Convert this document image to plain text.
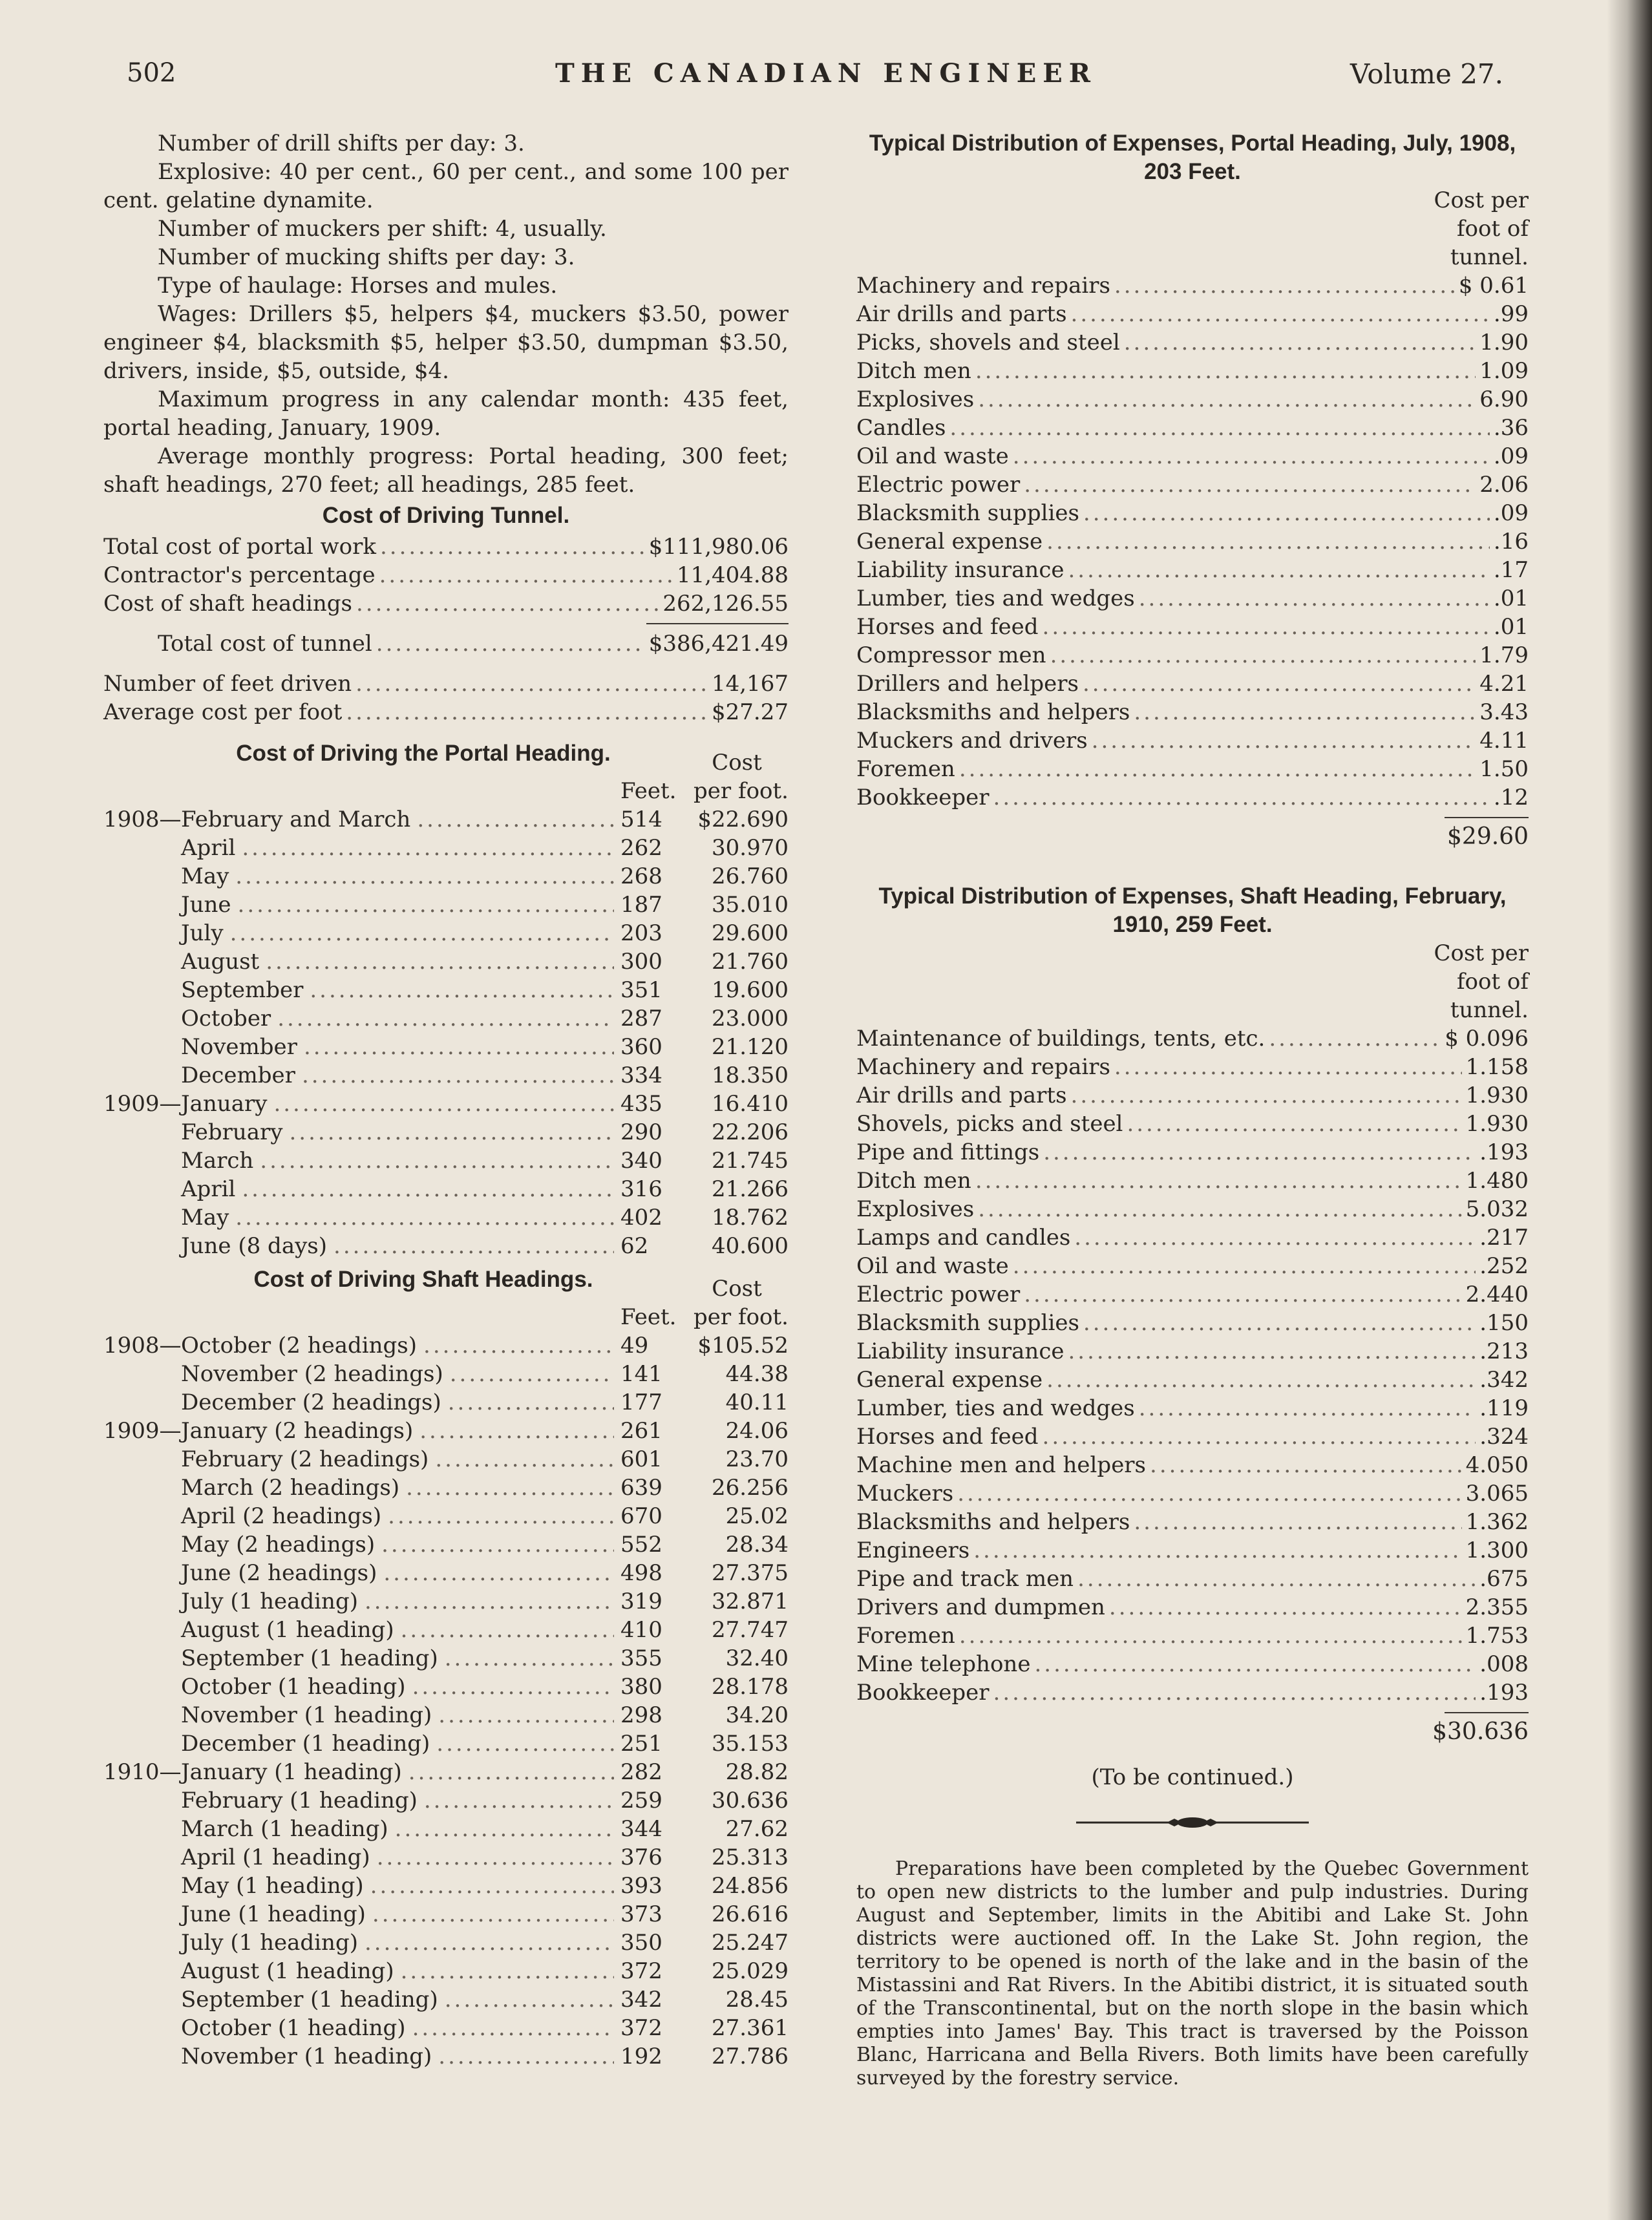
502	THE CANADIAN ENGINEER	Volume 27.

Number of drill shifts per day: 3.

Explosive: 40 per cent., 60 per cent., and some 100 per cent. gelatine dynamite.

Number of muckers per shift: 4, usually.

Number of mucking shifts per day: 3.

Type of haulage: Horses and mules.

Wages: Drillers $5, helpers $4, muckers $3.50, power engineer $4, blacksmith $5, helper $3.50, dumpman $3.50, drivers, inside, $5, outside, $4.

Maximum progress in any calendar month: 435 feet, portal heading, January, 1909.

Average monthly progress: Portal heading, 300 feet; shaft headings, 270 feet; all headings, 285 feet.

Cost of Driving Tunnel.
Total cost of portal work .....	$111,980.06
Contractor's percentage .....	11,404.88
Cost of shaft headings .....	262,126.55
Total cost of tunnel .....	$386,421.49
Number of feet driven .....	14,167
Average cost per foot .....	$27.27
Cost of Driving the Portal Heading.	Cost
Feet. per foot.
1908— February and March .....	514	$22.690
April .....	262	30.970
May .....	268	26.760
June .....	187	35.010
July .....	203	29.600
August .....	300	21.760
September .....	351	19.600
October .....	287	23.000
November .....	360	21.120
December .....	334	18.350
1909— January .....	435	16.410
February .....	290	22.206
March .....	340	21.745
April .....	316	21.266
May .....	402	18.762
June (8 days) .....	62	40.600
Cost of Driving Shaft Headings.	Cost
Feet. per foot.
1908— October (2 headings) .....	49	$105.52
November (2 headings) .....	141	44.38
December (2 headings) .....	177	40.11
1909— January (2 headings) .....	261	24.06
February (2 headings) .....	601	23.70
March (2 headings) .....	639	26.256
April (2 headings) .....	670	25.02
May (2 headings) .....	552	28.34
June (2 headings) .....	498	27.375
July (1 heading) .....	319	32.871
August (1 heading) .....	410	27.747
September (1 heading) .....	355	32.40
October (1 heading) .....	380	28.178
November (1 heading) .....	298	34.20
December (1 heading) .....	251	35.153
1910— January (1 heading) .....	282	28.82
February (1 heading) .....	259	30.636
March (1 heading) .....	344	27.62
April (1 heading) .....	376	25.313
May (1 heading) .....	393	24.856
June (1 heading) .....	373	26.616
July (1 heading) .....	350	25.247
August (1 heading) .....	372	25.029
September (1 heading) .....	342	28.45
October (1 heading) .....	372	27.361
November (1 heading) .....	192	27.786
Typical Distribution of Expenses, Portal Heading, July, 1908, 203 Feet.
Cost per
foot of
tunnel.
Machinery and repairs .....	$ 0.61
Air drills and parts .....	.99
Picks, shovels and steel .....	1.90
Ditch men .....	1.09
Explosives .....	6.90
Candles .....	.36
Oil and waste .....	.09
Electric power .....	2.06
Blacksmith supplies .....	.09
General expense .....	.16
Liability insurance .....	.17
Lumber, ties and wedges .....	.01
Horses and feed .....	.01
Compressor men .....	1.79
Drillers and helpers .....	4.21
Blacksmiths and helpers .....	3.43
Muckers and drivers .....	4.11
Foremen .....	1.50
Bookkeeper .....	.12
$29.60
Typical Distribution of Expenses, Shaft Heading, February, 1910, 259 Feet.
Cost per
foot of
tunnel.
Maintenance of buildings, tents, etc. .....	$ 0.096
Machinery and repairs .....	1.158
Air drills and parts .....	1.930
Shovels, picks and steel .....	1.930
Pipe and fittings .....	.193
Ditch men .....	1.480
Explosives .....	5.032
Lamps and candles .....	.217
Oil and waste .....	.252
Electric power .....	2.440
Blacksmith supplies .....	.150
Liability insurance .....	.213
General expense .....	.342
Lumber, ties and wedges .....	.119
Horses and feed .....	.324
Machine men and helpers .....	4.050
Muckers .....	3.065
Blacksmiths and helpers .....	1.362
Engineers .....	1.300
Pipe and track men .....	.675
Drivers and dumpmen .....	2.355
Foremen .....	1.753
Mine telephone .....	.008
Bookkeeper .....	.193
$30.636
(To be continued.)

Preparations have been completed by the Quebec Government to open new districts to the lumber and pulp industries. During August and September, limits in the Abitibi and Lake St. John districts were auctioned off. In the Lake St. John region, the territory to be opened is north of the lake and in the basin of the Mistassini and Rat Rivers. In the Abitibi district, it is situated south of the Transcontinental, but on the north slope in the basin which empties into James' Bay. This tract is traversed by the Poisson Blanc, Harricana and Bella Rivers. Both limits have been carefully surveyed by the forestry service.
